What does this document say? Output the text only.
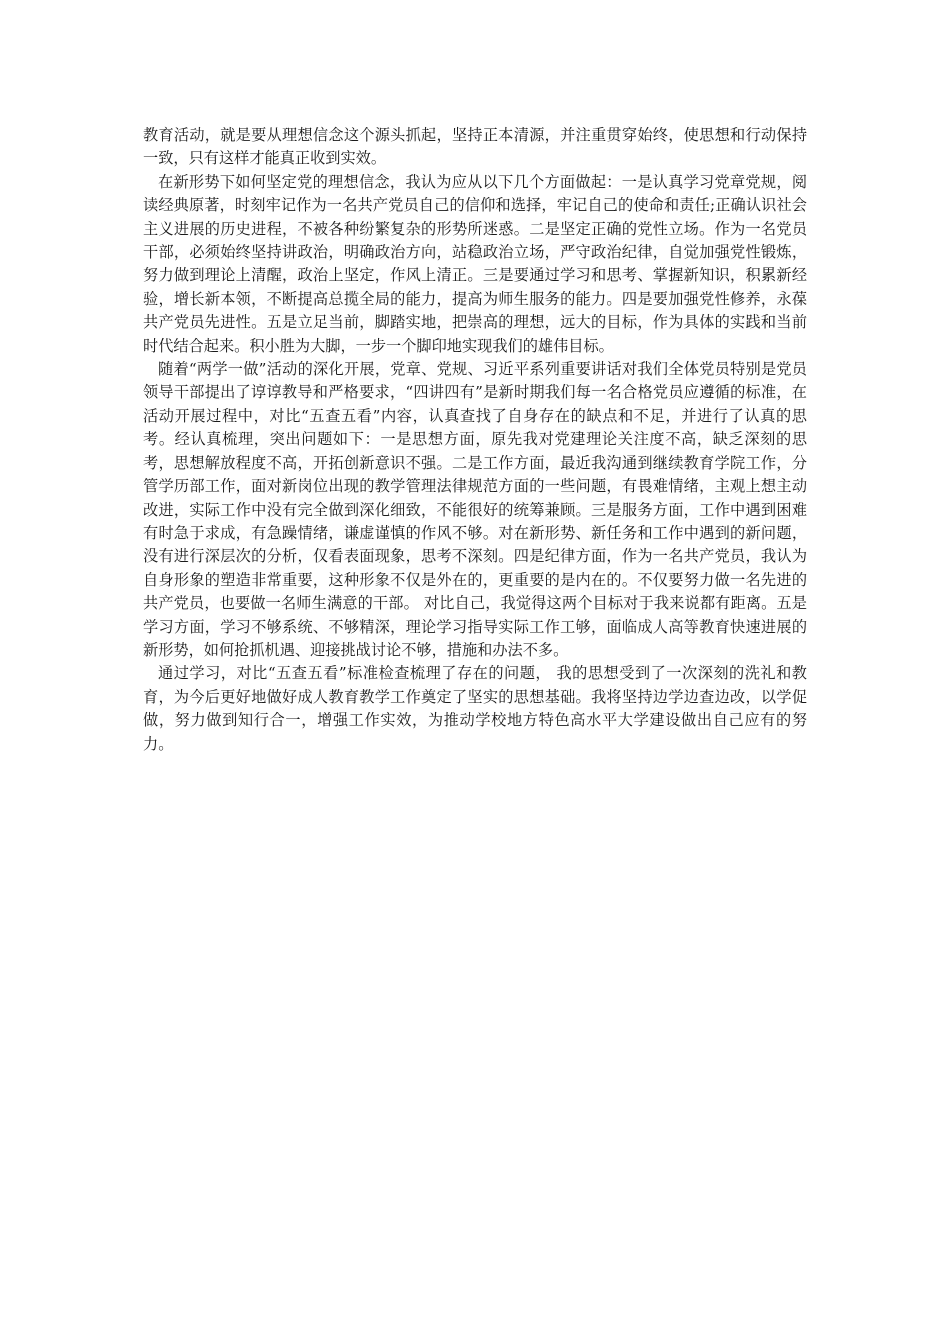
教育活动，就是要从理想信念这个源头抓起，坚持正本清源，并注重贯穿始终，使思想和行动保持一致，只有这样才能真正收到实效。

在新形势下如何坚定党的理想信念，我认为应从以下几个方面做起：一是认真学习党章党规，阅读经典原著，时刻牢记作为一名共产党员自己的信仰和选择，牢记自己的使命和责任;正确认识社会主义进展的历史进程，不被各种纷繁复杂的形势所迷惑。二是坚定正确的党性立场。作为一名党员干部，必须始终坚持讲政治，明确政治方向，站稳政治立场，严守政治纪律，自觉加强党性锻炼，努力做到理论上清醒，政治上坚定，作风上清正。三是要通过学习和思考、掌握新知识，积累新经验，增长新本领，不断提高总揽全局的能力，提高为师生服务的能力。四是要加强党性修养，永葆共产党员先进性。五是立足当前，脚踏实地，把崇高的理想，远大的目标，作为具体的实践和当前时代结合起来。积小胜为大脚，一步一个脚印地实现我们的雄伟目标。

随着“两学一做”活动的深化开展，党章、党规、习近平系列重要讲话对我们全体党员特别是党员领导干部提出了谆谆教导和严格要求，“四讲四有”是新时期我们每一名合格党员应遵循的标准，在活动开展过程中，对比“五查五看”内容，认真查找了自身存在的缺点和不足，并进行了认真的思考。经认真梳理，突出问题如下：一是思想方面，原先我对党建理论关注度不高，缺乏深刻的思考，思想解放程度不高，开拓创新意识不强。二是工作方面，最近我沟通到继续教育学院工作，分管学历部工作，面对新岗位出现的教学管理法律规范方面的一些问题，有畏难情绪，主观上想主动改进，实际工作中没有完全做到深化细致，不能很好的统筹兼顾。三是服务方面，工作中遇到困难有时急于求成，有急躁情绪，谦虚谨慎的作风不够。对在新形势、新任务和工作中遇到的新问题，没有进行深层次的分析，仅看表面现象，思考不深刻。四是纪律方面，作为一名共产党员，我认为自身形象的塑造非常重要，这种形象不仅是外在的，更重要的是内在的。不仅要努力做一名先进的共产党员，也要做一名师生满意的干部。 对比自己，我觉得这两个目标对于我来说都有距离。五是学习方面，学习不够系统、不够精深，理论学习指导实际工作工够，面临成人高等教育快速进展的新形势，如何抢抓机遇、迎接挑战讨论不够，措施和办法不多。

通过学习，对比“五查五看”标准检查梳理了存在的问题， 我的思想受到了一次深刻的洗礼和教育，为今后更好地做好成人教育教学工作奠定了坚实的思想基础。我将坚持边学边查边改，以学促做，努力做到知行合一，增强工作实效，为推动学校地方特色高水平大学建设做出自己应有的努力。
